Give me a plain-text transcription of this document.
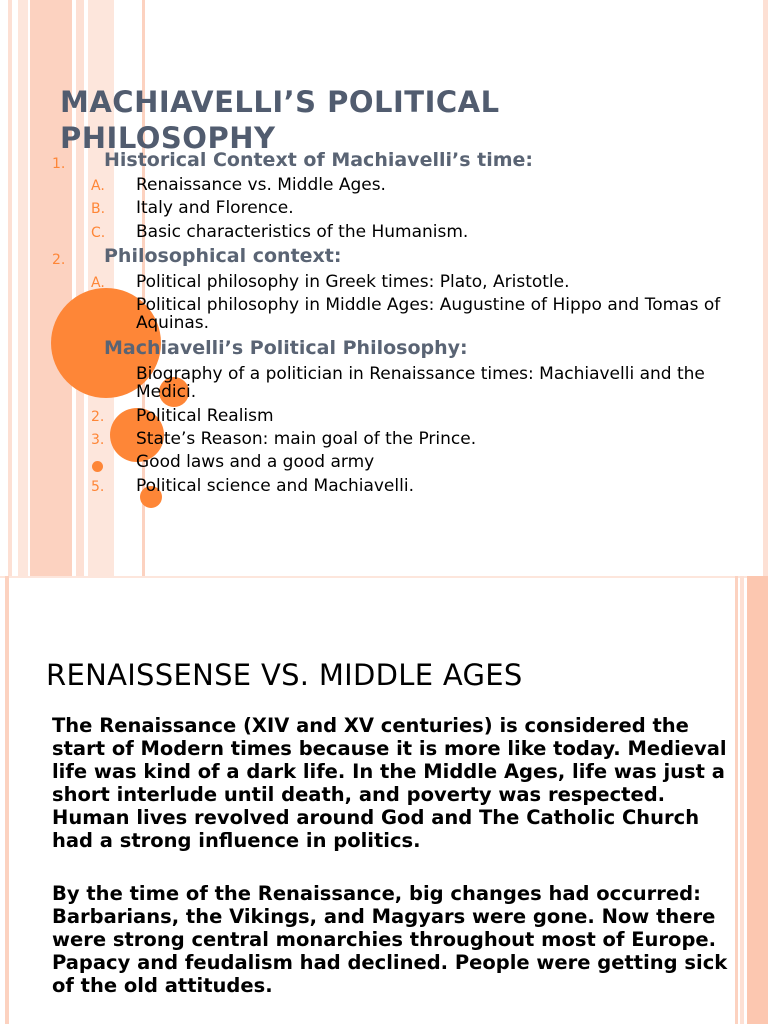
MACHIAVELLI’S POLITICAL PHILOSOPHY
1. Historical Context of Machiavelli’s time:
A. Renaissance vs. Middle Ages.
B. Italy and Florence.
C. Basic characteristics of the Humanism.
2. Philosophical context:
A. Political philosophy in Greek times: Plato, Aristotle.
Political philosophy in Middle Ages: Augustine of Hippo and Tomas of Aquinas.
Machiavelli’s Political Philosophy:
Biography of a politician in Renaissance times: Machiavelli and the Medici.
2. Political Realism
3. State’s Reason: main goal of the Prince.
Good laws and a good army
5. Political science and Machiavelli.
RENAISSENSE VS. MIDDLE AGES
The Renaissance (XIV and XV centuries) is considered the start of Modern times because it is more like today. Medieval life was kind of a dark life. In the Middle Ages, life was just a short interlude until death, and poverty was respected. Human lives revolved around God and The Catholic Church had a strong influence in politics.
By the time of the Renaissance, big changes had occurred: Barbarians, the Vikings, and Magyars were gone. Now there were strong central monarchies throughout most of Europe. Papacy and feudalism had declined. People were getting sick of the old attitudes.
